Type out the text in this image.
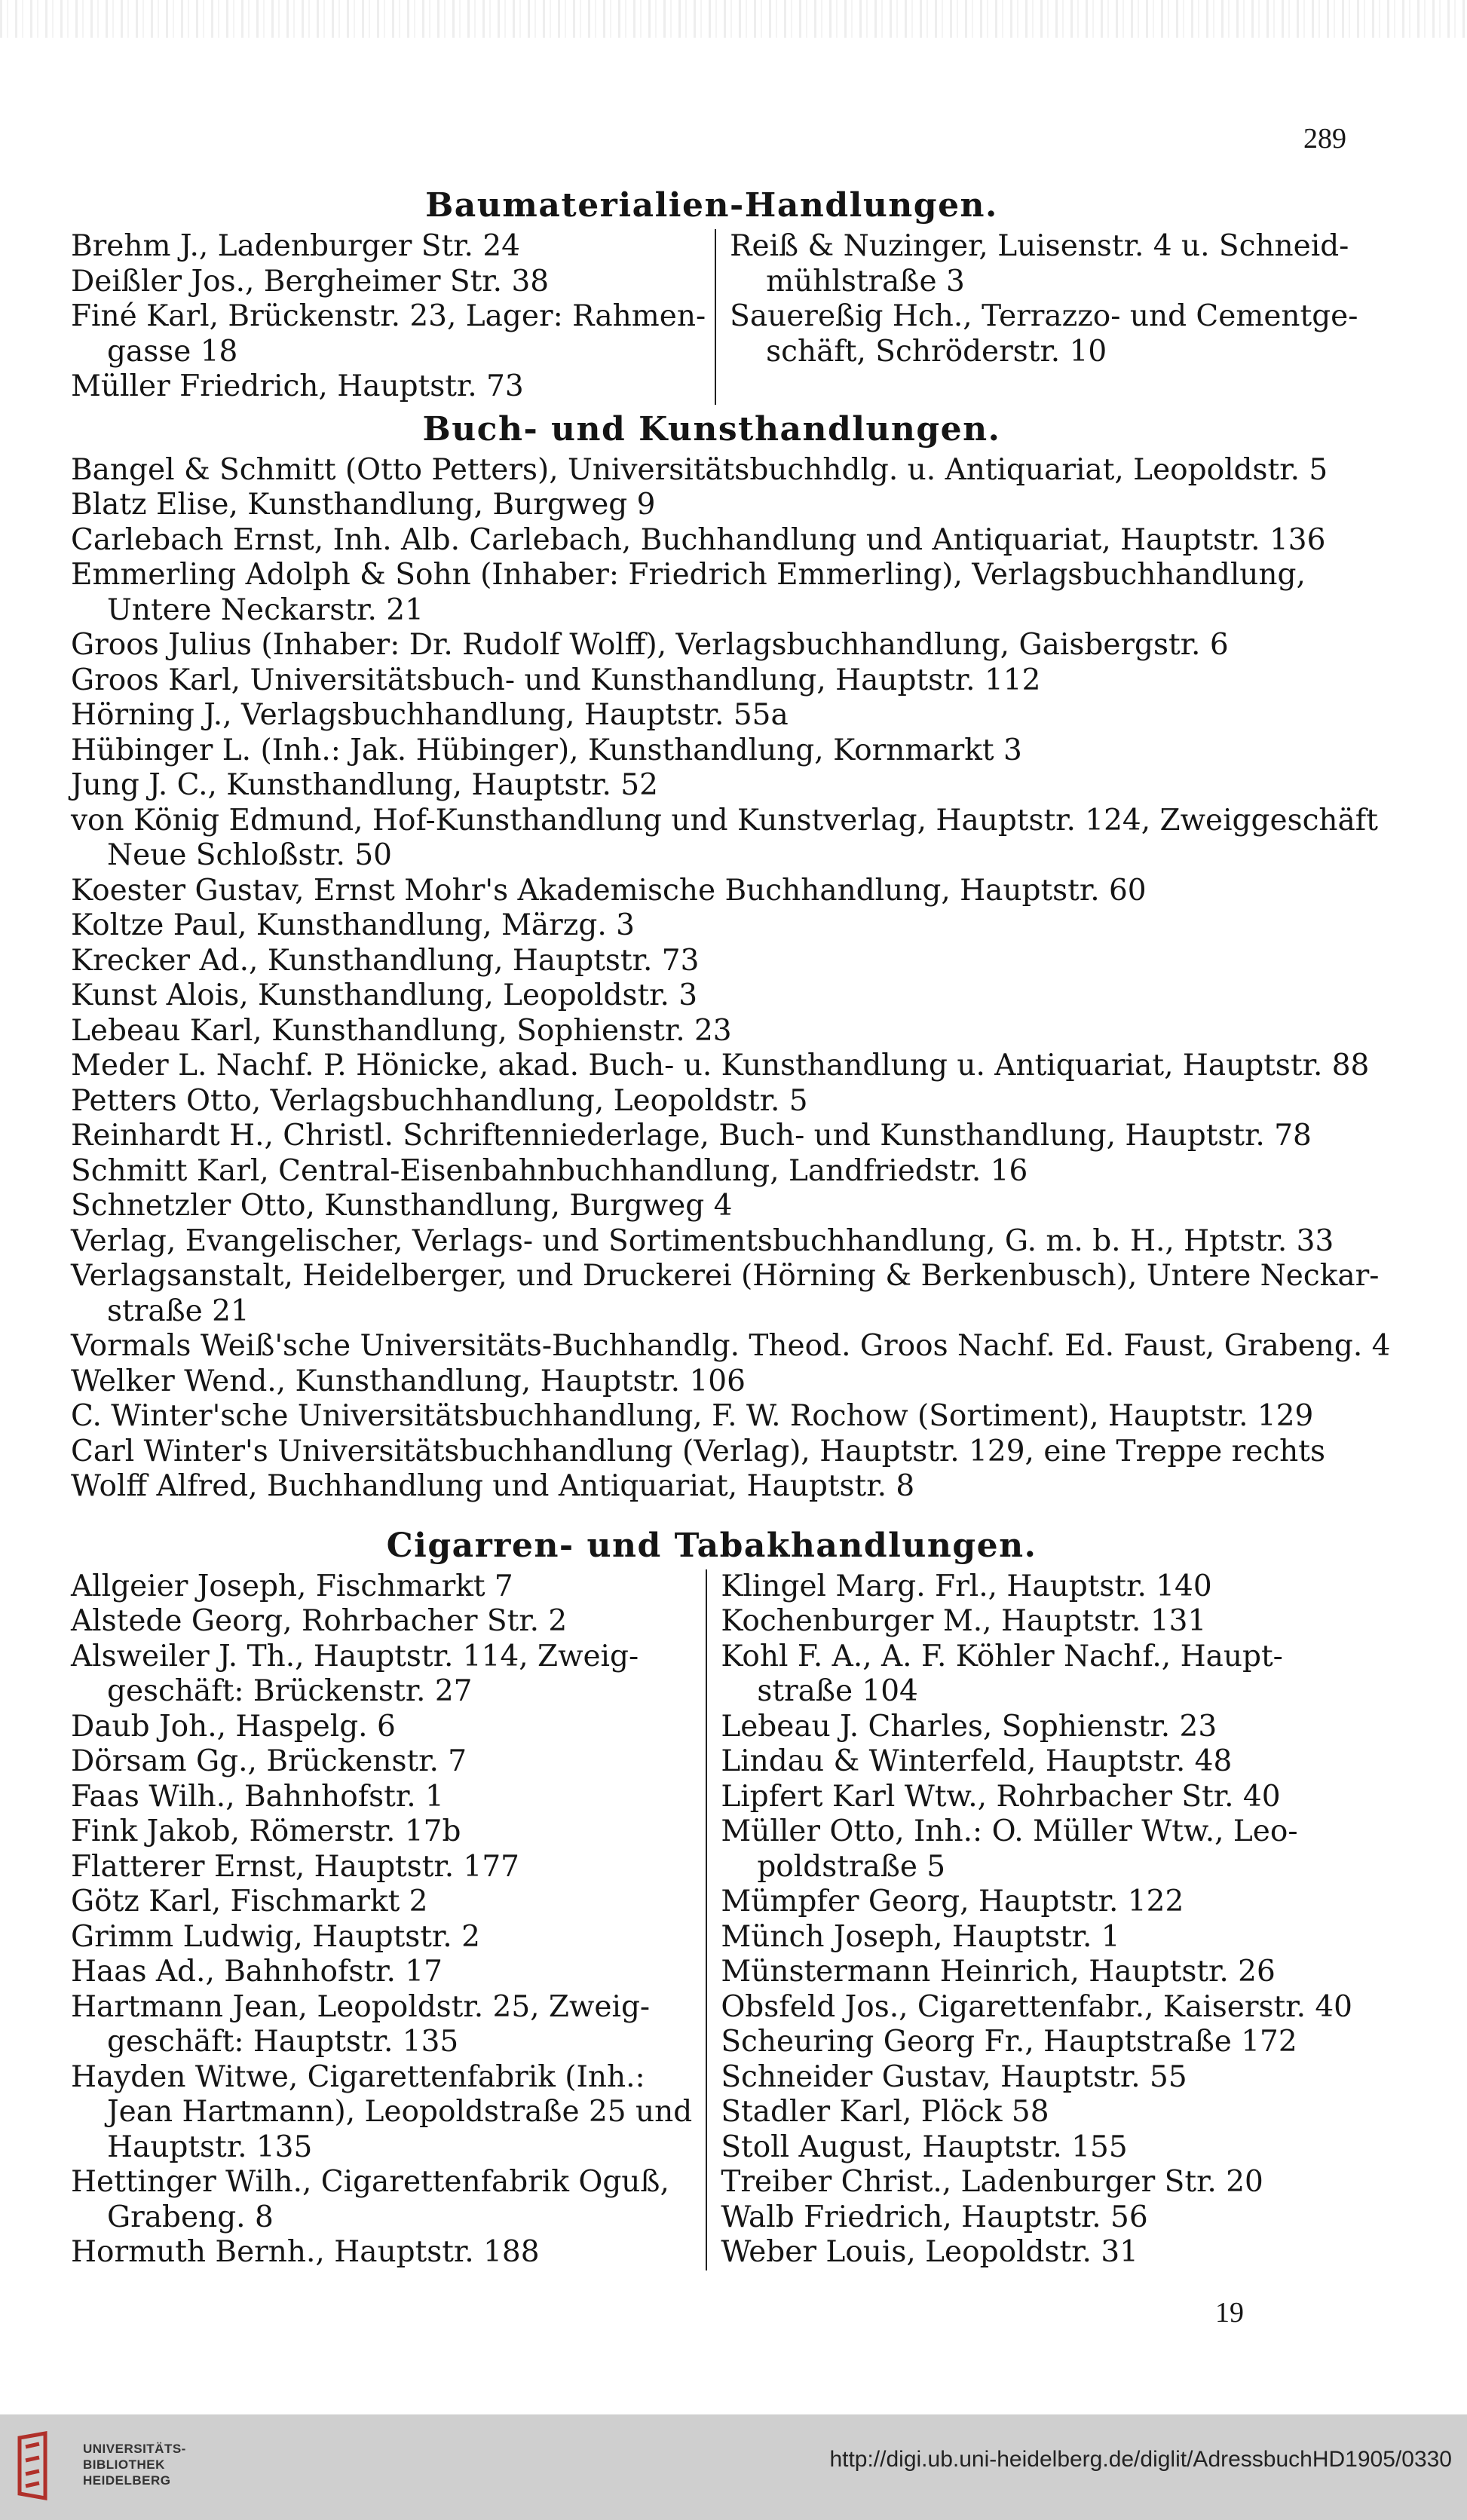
289
Baumaterialien-Handlungen.
Brehm J., Ladenburger Str. 24
Deißler Jos., Bergheimer Str. 38
Finé Karl, Brückenstr. 23, Lager: Rahmen-
gasse 18
Müller Friedrich, Hauptstr. 73
Reiß & Nuzinger, Luisenstr. 4 u. Schneid-
mühlstraße 3
Sauereßig Hch., Terrazzo- und Cementge-
schäft, Schröderstr. 10
Buch- und Kunsthandlungen.
Bangel & Schmitt (Otto Petters), Universitätsbuchhdlg. u. Antiquariat, Leopoldstr. 5
Blatz Elise, Kunsthandlung, Burgweg 9
Carlebach Ernst, Inh. Alb. Carlebach, Buchhandlung und Antiquariat, Hauptstr. 136
Emmerling Adolph & Sohn (Inhaber: Friedrich Emmerling), Verlagsbuchhandlung,
Untere Neckarstr. 21
Groos Julius (Inhaber: Dr. Rudolf Wolff), Verlagsbuchhandlung, Gaisbergstr. 6
Groos Karl, Universitätsbuch- und Kunsthandlung, Hauptstr. 112
Hörning J., Verlagsbuchhandlung, Hauptstr. 55a
Hübinger L. (Inh.: Jak. Hübinger), Kunsthandlung, Kornmarkt 3
Jung J. C., Kunsthandlung, Hauptstr. 52
von König Edmund, Hof-Kunsthandlung und Kunstverlag, Hauptstr. 124, Zweiggeschäft
Neue Schloßstr. 50
Koester Gustav, Ernst Mohr's Akademische Buchhandlung, Hauptstr. 60
Koltze Paul, Kunsthandlung, Märzg. 3
Krecker Ad., Kunsthandlung, Hauptstr. 73
Kunst Alois, Kunsthandlung, Leopoldstr. 3
Lebeau Karl, Kunsthandlung, Sophienstr. 23
Meder L. Nachf. P. Hönicke, akad. Buch- u. Kunsthandlung u. Antiquariat, Hauptstr. 88
Petters Otto, Verlagsbuchhandlung, Leopoldstr. 5
Reinhardt H., Christl. Schriftenniederlage, Buch- und Kunsthandlung, Hauptstr. 78
Schmitt Karl, Central-Eisenbahnbuchhandlung, Landfriedstr. 16
Schnetzler Otto, Kunsthandlung, Burgweg 4
Verlag, Evangelischer, Verlags- und Sortimentsbuchhandlung, G. m. b. H., Hptstr. 33
Verlagsanstalt, Heidelberger, und Druckerei (Hörning & Berkenbusch), Untere Neckar-
straße 21
Vormals Weiß'sche Universitäts-Buchhandlg. Theod. Groos Nachf. Ed. Faust, Grabeng. 4
Welker Wend., Kunsthandlung, Hauptstr. 106
C. Winter'sche Universitätsbuchhandlung, F. W. Rochow (Sortiment), Hauptstr. 129
Carl Winter's Universitätsbuchhandlung (Verlag), Hauptstr. 129, eine Treppe rechts
Wolff Alfred, Buchhandlung und Antiquariat, Hauptstr. 8
Cigarren- und Tabakhandlungen.
Allgeier Joseph, Fischmarkt 7
Alstede Georg, Rohrbacher Str. 2
Alsweiler J. Th., Hauptstr. 114, Zweig-
geschäft: Brückenstr. 27
Daub Joh., Haspelg. 6
Dörsam Gg., Brückenstr. 7
Faas Wilh., Bahnhofstr. 1
Fink Jakob, Römerstr. 17b
Flatterer Ernst, Hauptstr. 177
Götz Karl, Fischmarkt 2
Grimm Ludwig, Hauptstr. 2
Haas Ad., Bahnhofstr. 17
Hartmann Jean, Leopoldstr. 25, Zweig-
geschäft: Hauptstr. 135
Hayden Witwe, Cigarettenfabrik (Inh.:
Jean Hartmann), Leopoldstraße 25 und
Hauptstr. 135
Hettinger Wilh., Cigarettenfabrik Oguß,
Grabeng. 8
Hormuth Bernh., Hauptstr. 188
Klingel Marg. Frl., Hauptstr. 140
Kochenburger M., Hauptstr. 131
Kohl F. A., A. F. Köhler Nachf., Haupt-
straße 104
Lebeau J. Charles, Sophienstr. 23
Lindau & Winterfeld, Hauptstr. 48
Lipfert Karl Wtw., Rohrbacher Str. 40
Müller Otto, Inh.: O. Müller Wtw., Leo-
poldstraße 5
Mümpfer Georg, Hauptstr. 122
Münch Joseph, Hauptstr. 1
Münstermann Heinrich, Hauptstr. 26
Obsfeld Jos., Cigarettenfabr., Kaiserstr. 40
Scheuring Georg Fr., Hauptstraße 172
Schneider Gustav, Hauptstr. 55
Stadler Karl, Plöck 58
Stoll August, Hauptstr. 155
Treiber Christ., Ladenburger Str. 20
Walb Friedrich, Hauptstr. 56
Weber Louis, Leopoldstr. 31
19
UNIVERSITÄTS-
BIBLIOTHEK
HEIDELBERG
http://digi.ub.uni-heidelberg.de/diglit/AdressbuchHD1905/0330
